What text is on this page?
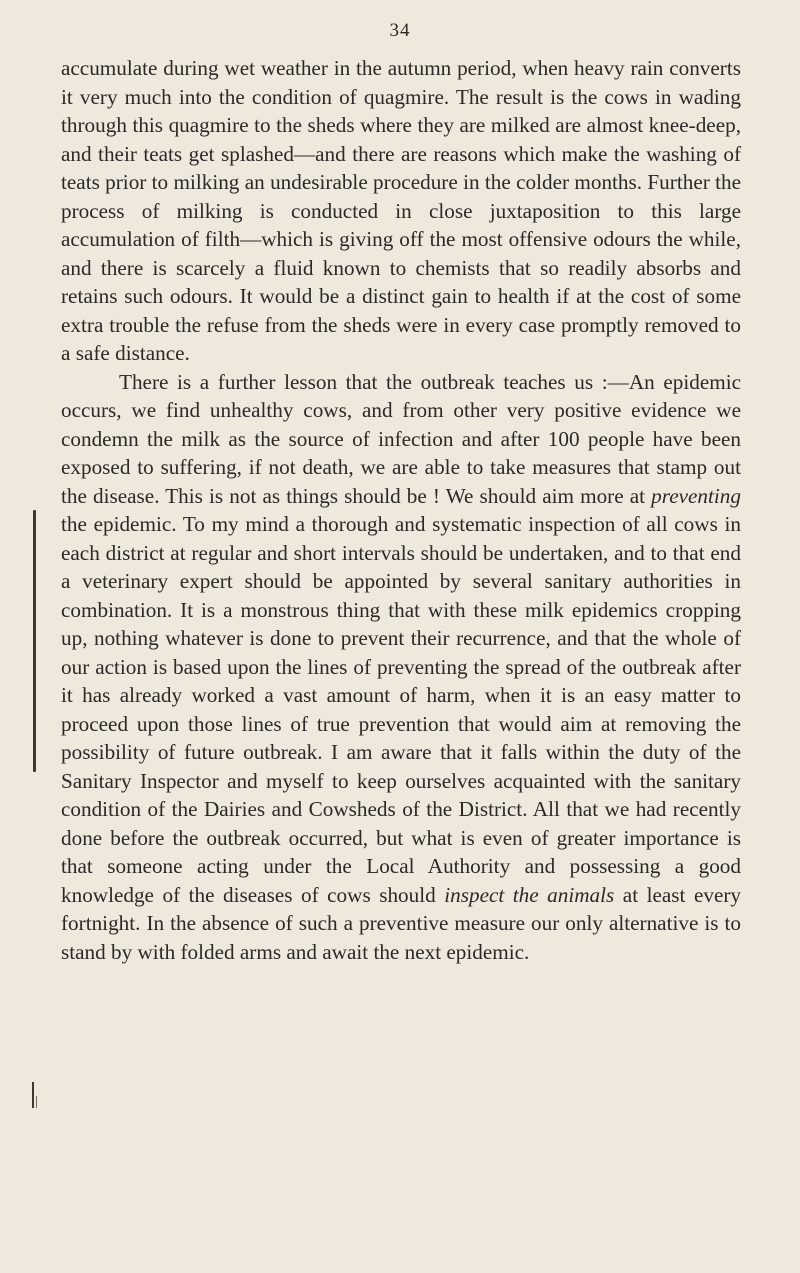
34

accumulate during wet weather in the autumn period, when heavy rain converts it very much into the condition of quagmire. The result is the cows in wading through this quagmire to the sheds where they are milked are almost knee-deep, and their teats get splashed—and there are reasons which make the washing of teats prior to milking an undesirable procedure in the colder months. Further the process of milking is conducted in close juxtaposition to this large accumulation of filth—which is giving off the most offensive odours the while, and there is scarcely a fluid known to chemists that so readily absorbs and retains such odours. It would be a distinct gain to health if at the cost of some extra trouble the refuse from the sheds were in every case promptly removed to a safe distance.

There is a further lesson that the outbreak teaches us :—An epidemic occurs, we find unhealthy cows, and from other very positive evidence we condemn the milk as the source of infection and after 100 people have been exposed to suffering, if not death, we are able to take measures that stamp out the disease. This is not as things should be ! We should aim more at preventing the epidemic. To my mind a thorough and systematic inspection of all cows in each district at regular and short intervals should be undertaken, and to that end a veterinary expert should be appointed by several sanitary authorities in combination. It is a monstrous thing that with these milk epidemics cropping up, nothing whatever is done to prevent their recurrence, and that the whole of our action is based upon the lines of preventing the spread of the outbreak after it has already worked a vast amount of harm, when it is an easy matter to proceed upon those lines of true prevention that would aim at removing the possibility of future outbreak. I am aware that it falls within the duty of the Sanitary Inspector and myself to keep ourselves acquainted with the sanitary condition of the Dairies and Cowsheds of the District. All that we had recently done before the outbreak occurred, but what is even of greater importance is that someone acting under the Local Authority and possessing a good knowledge of the diseases of cows should inspect the animals at least every fortnight. In the absence of such a preventive measure our only alternative is to stand by with folded arms and await the next epidemic.
